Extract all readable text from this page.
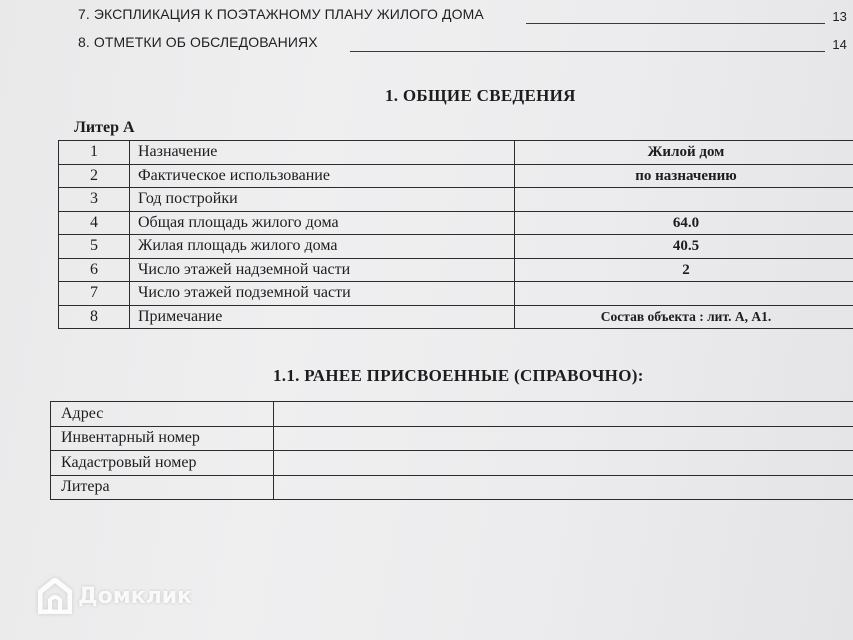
7. ЭКСПЛИКАЦИЯ К ПОЭТАЖНОМУ ПЛАНУ ЖИЛОГО ДОМА	13
8. ОТМЕТКИ ОБ ОБСЛЕДОВАНИЯХ	14
1. ОБЩИЕ СВЕДЕНИЯ
Литер А
1	Назначение	Жилой дом
2	Фактическое использование	по назначению
3	Год постройки	
4	Общая площадь жилого дома	64.0
5	Жилая площадь жилого дома	40.5
6	Число этажей надземной части	2
7	Число этажей подземной части	
8	Примечание	Состав объекта : лит. А, А1.
1.1. РАНЕЕ ПРИСВОЕННЫЕ (СПРАВОЧНО):
Адрес	
Инвентарный номер	
Кадастровый номер	
Литера	
Домклик
